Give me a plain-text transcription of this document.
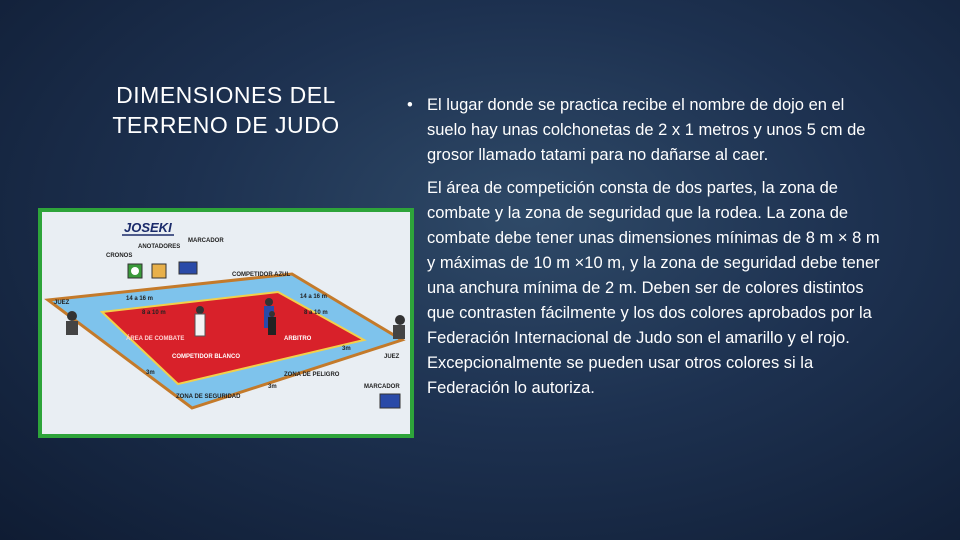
DIMENSIONES DEL
TERRENO DE JUDO
• El lugar donde se practica recibe el nombre de dojo en el suelo hay unas colchonetas de 2 x 1 metros y unos 5 cm de grosor llamado tatami para no dañarse al caer.
El área de competición consta de dos partes, la zona de combate y la zona de seguridad que la rodea. La zona de combate debe tener unas dimensiones mínimas de 8 m × 8 m y máximas de 10 m ×10 m, y la zona de seguridad debe tener una anchura mínima de 2 m. Deben ser de colores distintos que contrasten fácilmente y los dos colores aprobados por la Federación Internacional de Judo son el amarillo y el rojo. Excepcionalmente se pueden usar otros colores si la Federación lo autoriza.
JOSEKI
MARCADOR
ANOTADORES
CRONOS
COMPETIDOR AZUL
JUEZ
14 a 16 m	14 a 16 m
8 a 10 m	8 a 10 m
ÁREA DE COMBATE	ARBITRO
COMPETIDOR BLANCO
3m
3m
3m
ZONA DE PELIGRO
JUEZ
MARCADOR
ZONA DE SEGURIDAD
